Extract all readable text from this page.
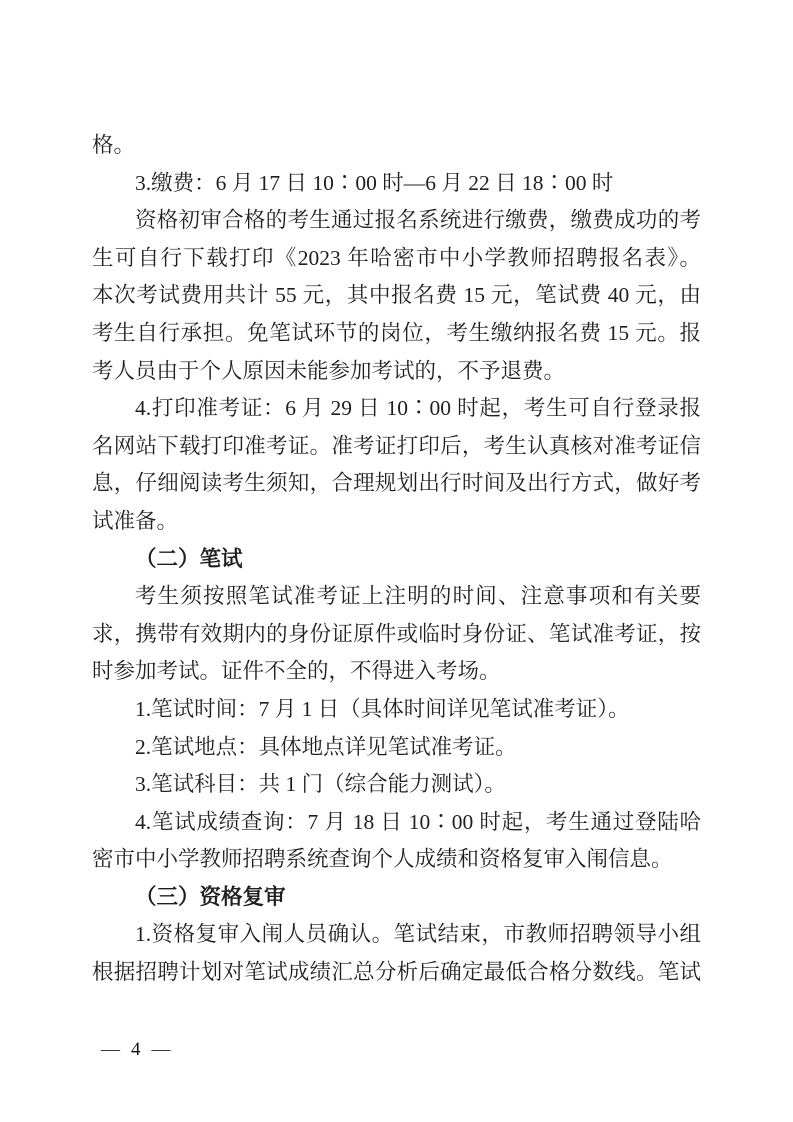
格。
3.缴费：6 月 17 日 10∶00 时—6 月 22 日 18∶00 时
资格初审合格的考生通过报名系统进行缴费，缴费成功的考
生可自行下载打印《2023 年哈密市中小学教师招聘报名表》。
本次考试费用共计 55 元，其中报名费 15 元，笔试费 40 元，由
考生自行承担。免笔试环节的岗位，考生缴纳报名费 15 元。报
考人员由于个人原因未能参加考试的，不予退费。
4.打印准考证：6 月 29 日 10∶00 时起，考生可自行登录报
名网站下载打印准考证。准考证打印后，考生认真核对准考证信
息，仔细阅读考生须知，合理规划出行时间及出行方式，做好考
试准备。
（二）笔试
考生须按照笔试准考证上注明的时间、注意事项和有关要
求，携带有效期内的身份证原件或临时身份证、笔试准考证，按
时参加考试。证件不全的，不得进入考场。
1.笔试时间：7 月 1 日（具体时间详见笔试准考证）。
2.笔试地点：具体地点详见笔试准考证。
3.笔试科目：共 1 门（综合能力测试）。
4.笔试成绩查询：7 月 18 日 10∶00 时起，考生通过登陆哈
密市中小学教师招聘系统查询个人成绩和资格复审入闱信息。
（三）资格复审
1.资格复审入闱人员确认。笔试结束，市教师招聘领导小组
根据招聘计划对笔试成绩汇总分析后确定最低合格分数线。笔试
— 4 —
